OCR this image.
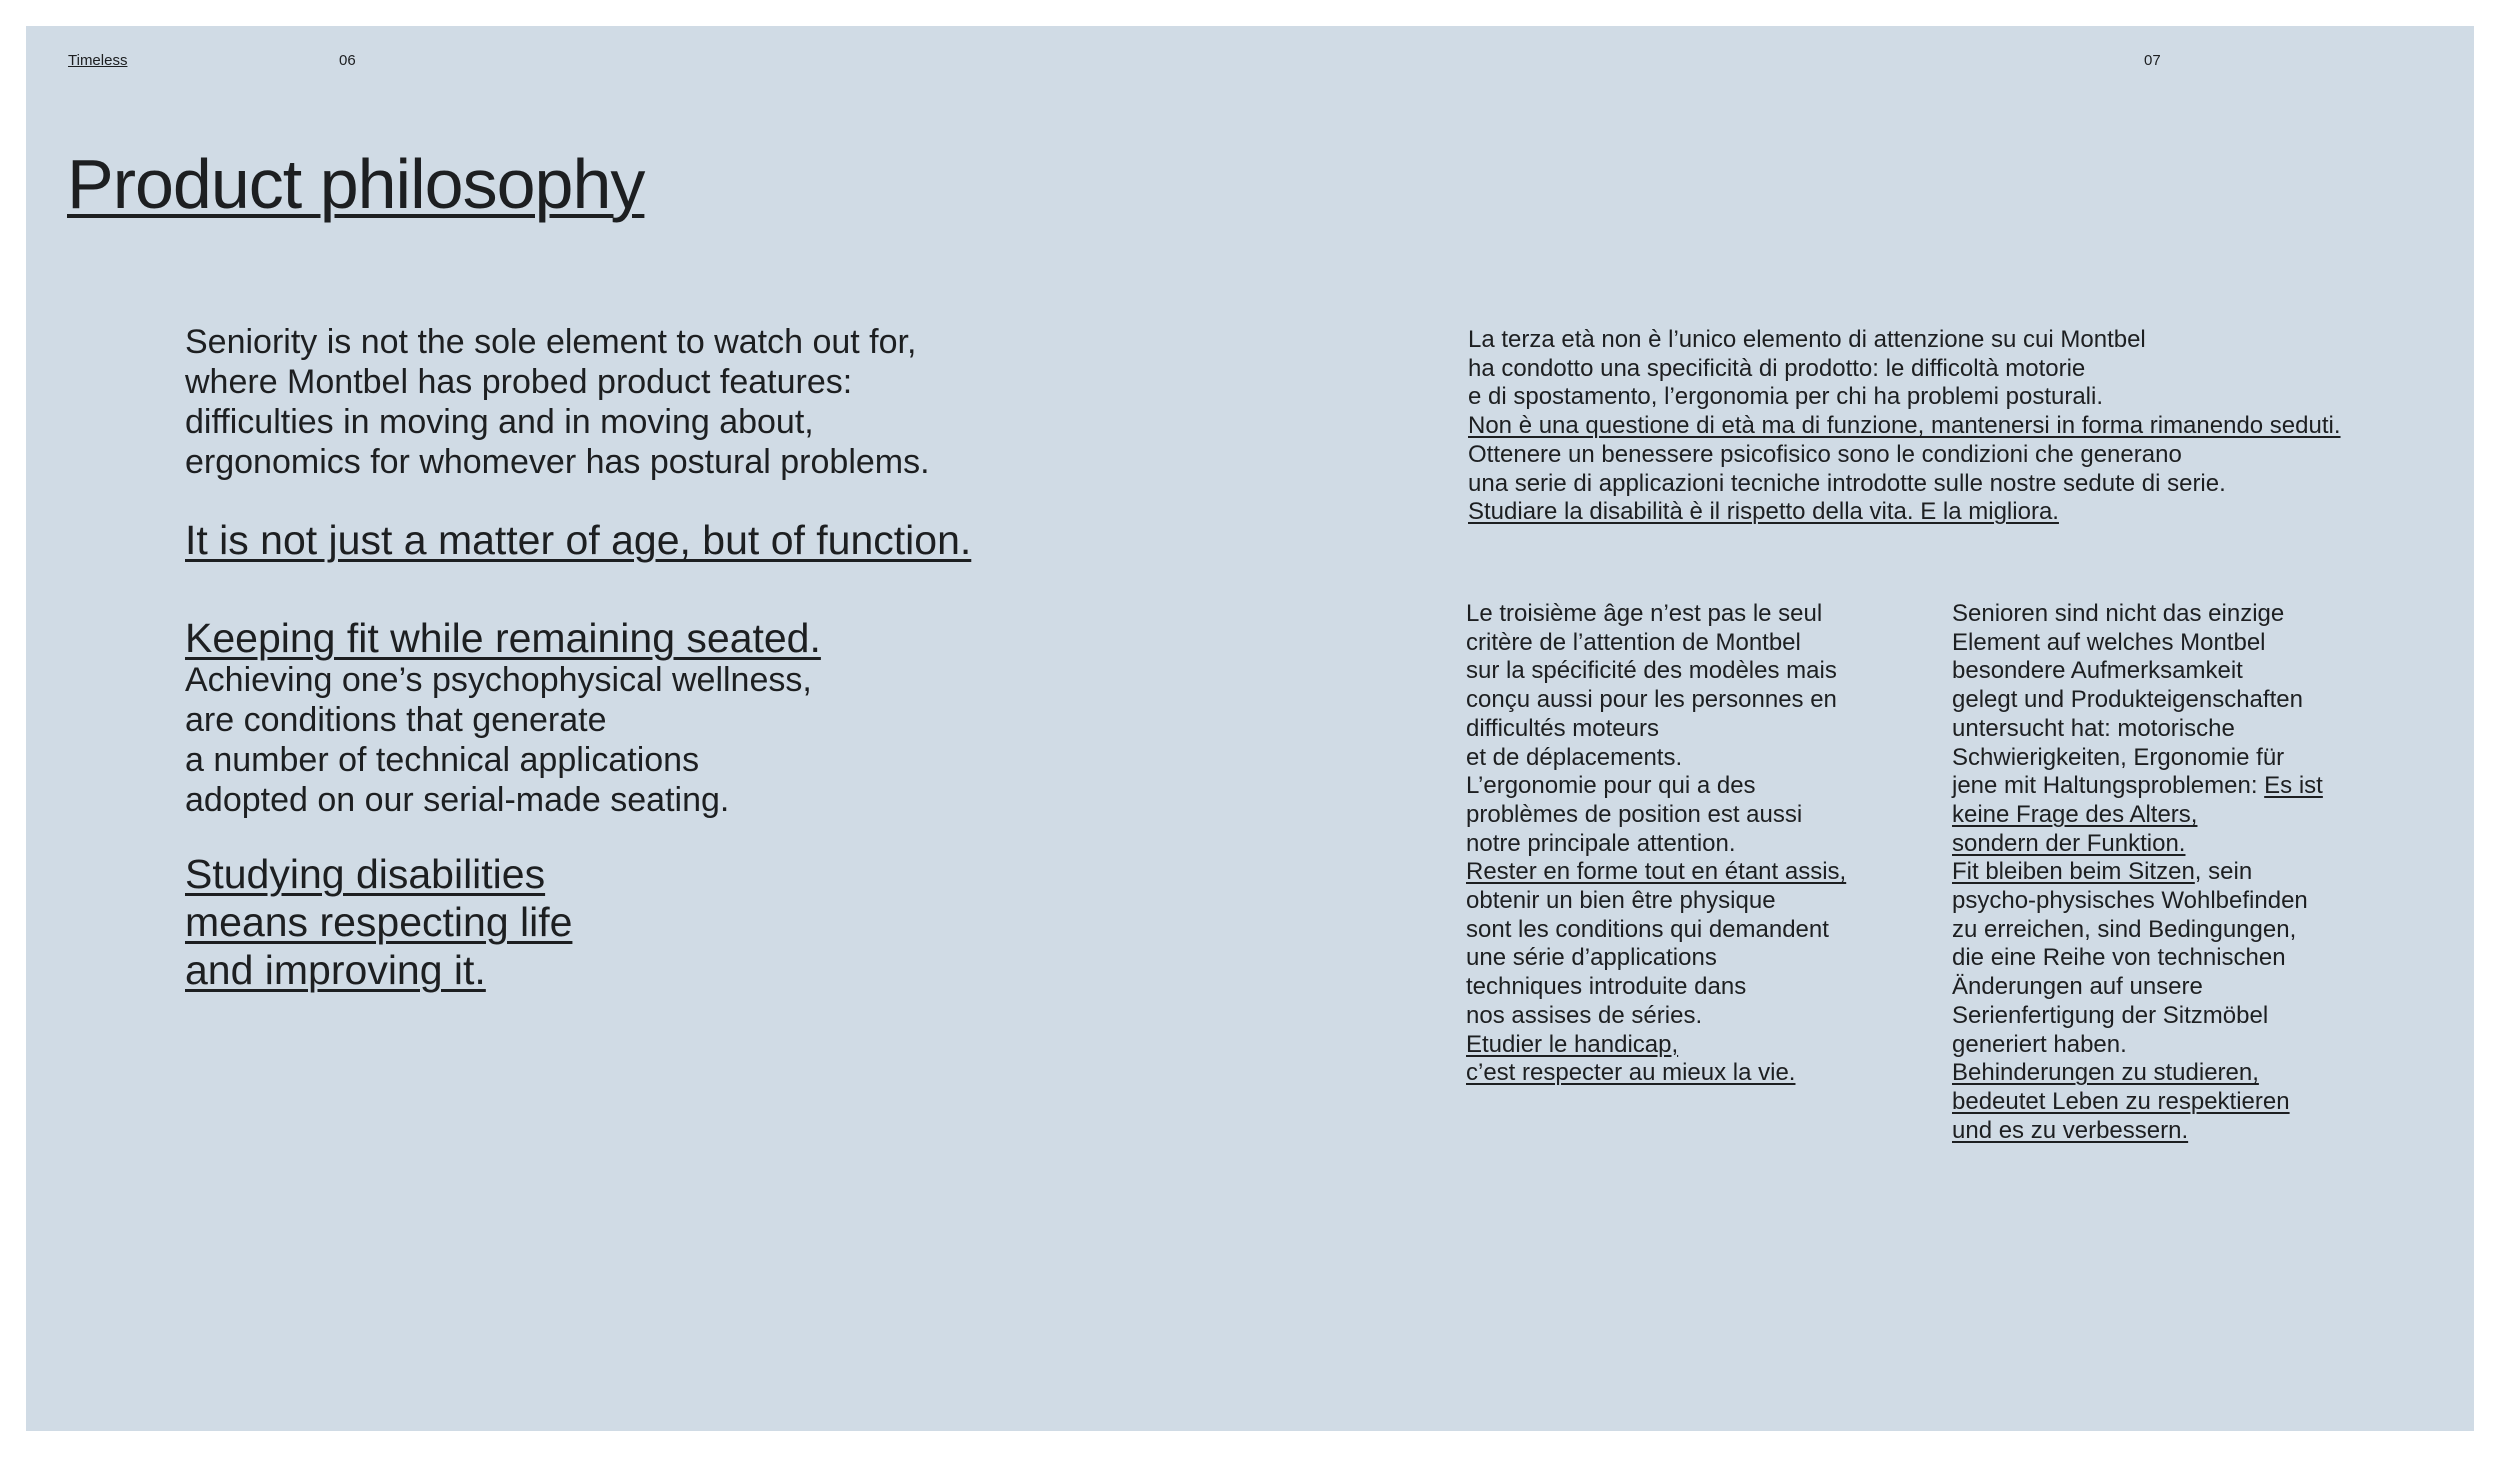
Timeless	06	07
Product philosophy

Seniority is not the sole element to watch out for,
where Montbel has probed product features:
difficulties in moving and in moving about,
ergonomics for whomever has postural problems.

It is not just a matter of age, but of function.

Keeping fit while remaining seated.

Achieving one’s psychophysical wellness,
are conditions that generate
a number of technical applications
adopted on our serial-made seating.

Studying disabilities
means respecting life
and improving it.

La terza età non è l’unico elemento di attenzione su cui Montbel
ha condotto una specificità di prodotto: le difficoltà motorie
e di spostamento, l’ergonomia per chi ha problemi posturali.
Non è una questione di età ma di funzione, mantenersi in forma rimanendo seduti.
Ottenere un benessere psicofisico sono le condizioni che generano
una serie di applicazioni tecniche introdotte sulle nostre sedute di serie.
Studiare la disabilità è il rispetto della vita. E la migliora.

Le troisième âge n’est pas le seul
critère de l’attention de Montbel
sur la spécificité des modèles mais
conçu aussi pour les personnes en
difficultés moteurs
et de déplacements.
L’ergonomie pour qui a des
problèmes de position est aussi
notre principale attention.
Rester en forme tout en étant assis,
obtenir un bien être physique
sont les conditions qui demandent
une série d’applications
techniques introduite dans
nos assises de séries.
Etudier le handicap,
c’est respecter au mieux la vie.

Senioren sind nicht das einzige
Element auf welches Montbel
besondere Aufmerksamkeit
gelegt und Produkteigenschaften
untersucht hat: motorische
Schwierigkeiten, Ergonomie für
jene mit Haltungsproblemen: Es ist
keine Frage des Alters,
sondern der Funktion.
Fit bleiben beim Sitzen, sein
psycho-physisches Wohlbefinden
zu erreichen, sind Bedingungen,
die eine Reihe von technischen
Änderungen auf unsere
Serienfertigung der Sitzmöbel
generiert haben.
Behinderungen zu studieren,
bedeutet Leben zu respektieren
und es zu verbessern.
